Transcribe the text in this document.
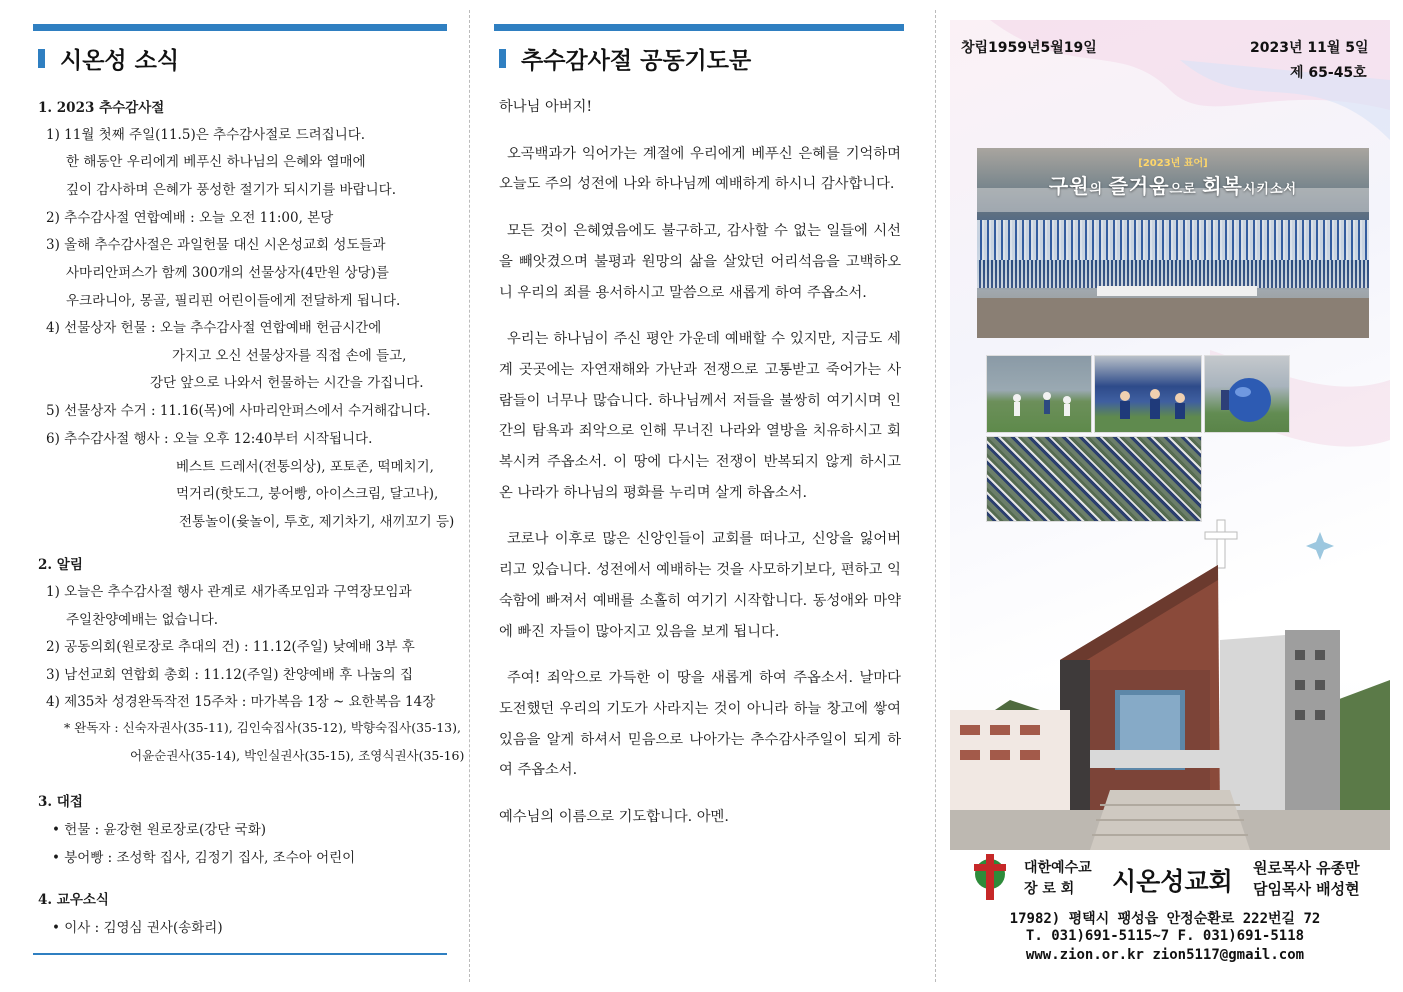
시온성 소식
1. 2023 추수감사절
1) 11월 첫째 주일(11.5)은 추수감사절로 드려집니다.
한 해동안 우리에게 베푸신 하나님의 은혜와 열매에
깊이 감사하며 은혜가 풍성한 절기가 되시기를 바랍니다.
2) 추수감사절 연합예배 : 오늘 오전 11:00, 본당
3) 올해 추수감사절은 과일헌물 대신 시온성교회 성도들과
사마리안퍼스가 함께 300개의 선물상자(4만원 상당)를
우크라니아, 몽골, 필리핀 어린이들에게 전달하게 됩니다.
4) 선물상자 헌물 : 오늘 추수감사절 연합예배 헌금시간에
가지고 오신 선물상자를 직접 손에 들고,
강단 앞으로 나와서 헌물하는 시간을 가집니다.
5) 선물상자 수거 : 11.16(목)에 사마리안퍼스에서 수거해갑니다.
6) 추수감사절 행사 : 오늘 오후 12:40부터 시작됩니다.
베스트 드레서(전통의상), 포토존, 떡메치기,
먹거리(핫도그, 붕어빵, 아이스크림, 달고나),
전통놀이(윷놀이, 투호, 제기차기, 새끼꼬기 등)
2. 알림
1) 오늘은 추수감사절 행사 관계로 새가족모임과 구역장모임과
주일찬양예배는 없습니다.
2) 공동의회(원로장로 추대의 건) : 11.12(주일) 낮예배 3부 후
3) 남선교회 연합회 총회 : 11.12(주일) 찬양예배 후 나눔의 집
4) 제35차 성경완독작전 15주차 : 마가복음 1장 ~ 요한복음 14장
* 완독자 : 신숙자권사(35-11), 김인숙집사(35-12), 박향숙집사(35-13),
어윤순권사(35-14), 박인실권사(35-15), 조영식권사(35-16)
3. 대접
• 헌물 : 윤강현 원로장로(강단 국화)
• 붕어빵 : 조성학 집사, 김정기 집사, 조수아 어린이
4. 교우소식
• 이사 : 김영심 권사(송화리)
추수감사절 공동기도문

하나님 아버지!

오곡백과가 익어가는 계절에 우리에게 베푸신 은혜를 기억하며 오늘도 주의 성전에 나와 하나님께 예배하게 하시니 감사합니다.

모든 것이 은혜였음에도 불구하고, 감사할 수 없는 일들에 시선을 빼앗겼으며 불평과 원망의 삶을 살았던 어리석음을 고백하오니 우리의 죄를 용서하시고 말씀으로 새롭게 하여 주옵소서.

우리는 하나님이 주신 평안 가운데 예배할 수 있지만, 지금도 세계 곳곳에는 자연재해와 가난과 전쟁으로 고통받고 죽어가는 사람들이 너무나 많습니다. 하나님께서 저들을 불쌍히 여기시며 인간의 탐욕과 죄악으로 인해 무너진 나라와 열방을 치유하시고 회복시켜 주옵소서. 이 땅에 다시는 전쟁이 반복되지 않게 하시고 온 나라가 하나님의 평화를 누리며 살게 하옵소서.

코로나 이후로 많은 신앙인들이 교회를 떠나고, 신앙을 잃어버리고 있습니다. 성전에서 예배하는 것을 사모하기보다, 편하고 익숙함에 빠져서 예배를 소홀히 여기기 시작합니다. 동성애와 마약에 빠진 자들이 많아지고 있음을 보게 됩니다.

주여! 죄악으로 가득한 이 땅을 새롭게 하여 주옵소서. 날마다 도전했던 우리의 기도가 사라지는 것이 아니라 하늘 창고에 쌓여 있음을 알게 하셔서 믿음으로 나아가는 추수감사주일이 되게 하여 주옵소서.

예수님의 이름으로 기도합니다. 아멘.

창립1959년5월19일	2023년 11월 5일
제 65-45호
[2023년 표어]
구원의 즐거움으로 회복시키소서
대한예수교
장 로 회 시온성교회 원로목사 유종만
담임목사 배성현
17982) 평택시 팽성읍 안정순환로 222번길 72
T. 031)691-5115~7 F. 031)691-5118
www.zion.or.kr zion5117@gmail.com
